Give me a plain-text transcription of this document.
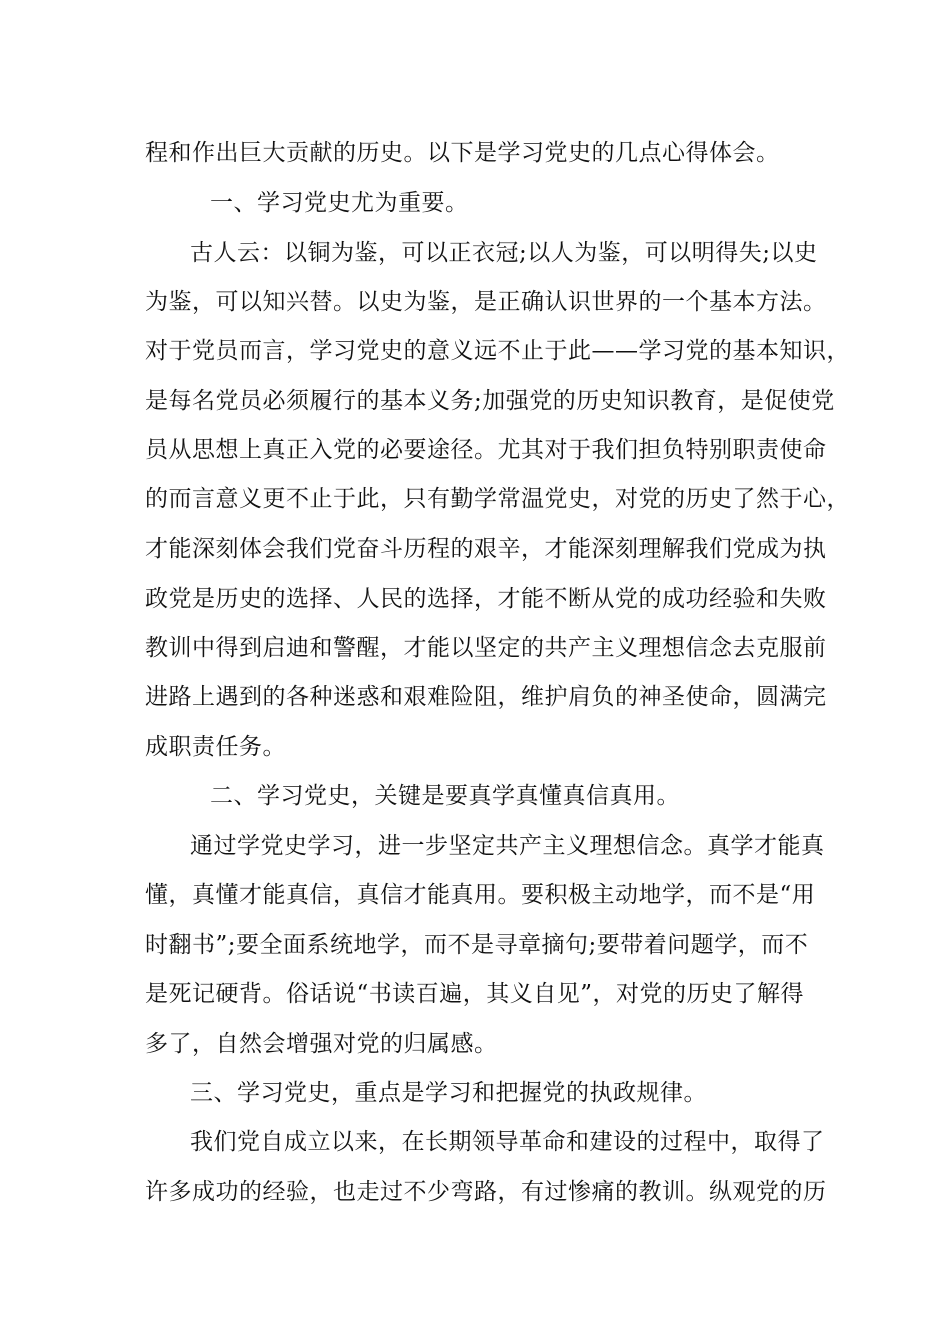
程和作出巨大贡献的历史。以下是学习党史的几点心得体会。
一、学习党史尤为重要。
古人云：以铜为鉴，可以正衣冠;以人为鉴，可以明得失;以史
为鉴，可以知兴替。以史为鉴，是正确认识世界的一个基本方法。
对于党员而言，学习党史的意义远不止于此——学习党的基本知识，
是每名党员必须履行的基本义务;加强党的历史知识教育，是促使党
员从思想上真正入党的必要途径。尤其对于我们担负特别职责使命
的而言意义更不止于此，只有勤学常温党史，对党的历史了然于心，
才能深刻体会我们党奋斗历程的艰辛，才能深刻理解我们党成为执
政党是历史的选择、人民的选择，才能不断从党的成功经验和失败
教训中得到启迪和警醒，才能以坚定的共产主义理想信念去克服前
进路上遇到的各种迷惑和艰难险阻，维护肩负的神圣使命，圆满完
成职责任务。
二、学习党史，关键是要真学真懂真信真用。
通过学党史学习，进一步坚定共产主义理想信念。真学才能真
懂，真懂才能真信，真信才能真用。要积极主动地学，而不是“用
时翻书”;要全面系统地学，而不是寻章摘句;要带着问题学，而不
是死记硬背。俗话说“书读百遍，其义自见”，对党的历史了解得
多了，自然会增强对党的归属感。
三、学习党史，重点是学习和把握党的执政规律。
我们党自成立以来，在长期领导革命和建设的过程中，取得了
许多成功的经验，也走过不少弯路，有过惨痛的教训。纵观党的历
